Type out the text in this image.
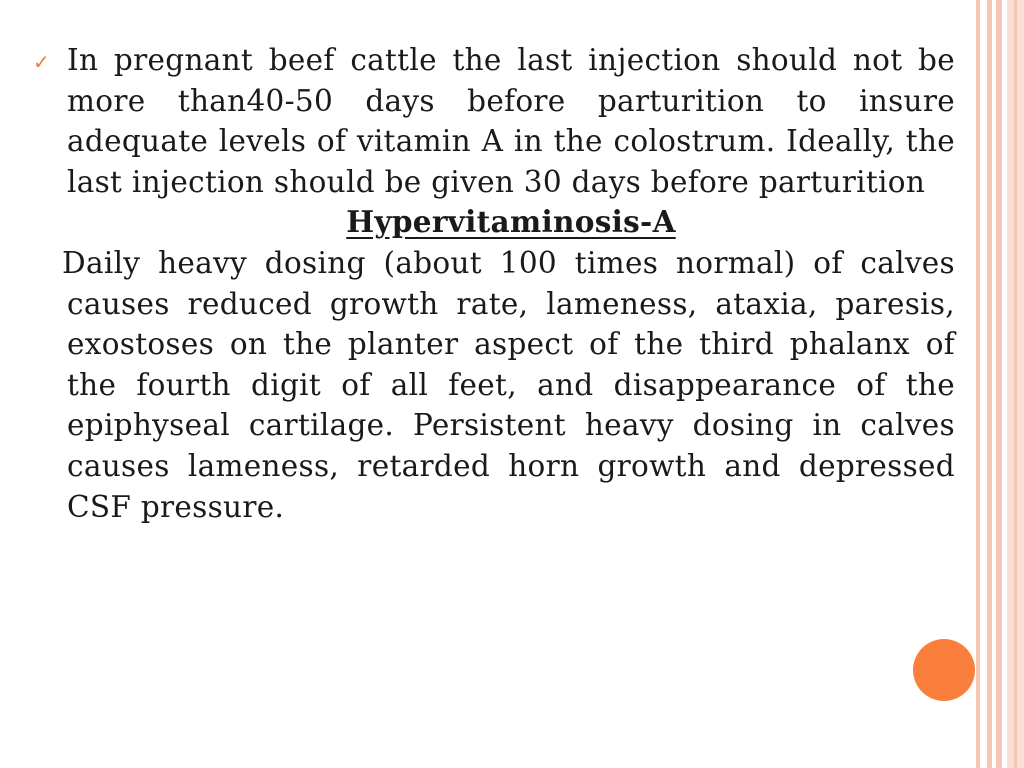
✓ In pregnant beef cattle the last injection should not be more than40-50 days before parturition to insure adequate levels of vitamin A in the colostrum. Ideally, the last injection should be given 30 days before parturition

Hypervitaminosis-A

Daily heavy dosing (about 100 times normal) of calves causes reduced growth rate, lameness, ataxia, paresis, exostoses on the planter aspect of the third phalanx of the fourth digit of all feet, and disappearance of the epiphyseal cartilage. Persistent heavy dosing in calves causes lameness, retarded horn growth and depressed CSF pressure.
